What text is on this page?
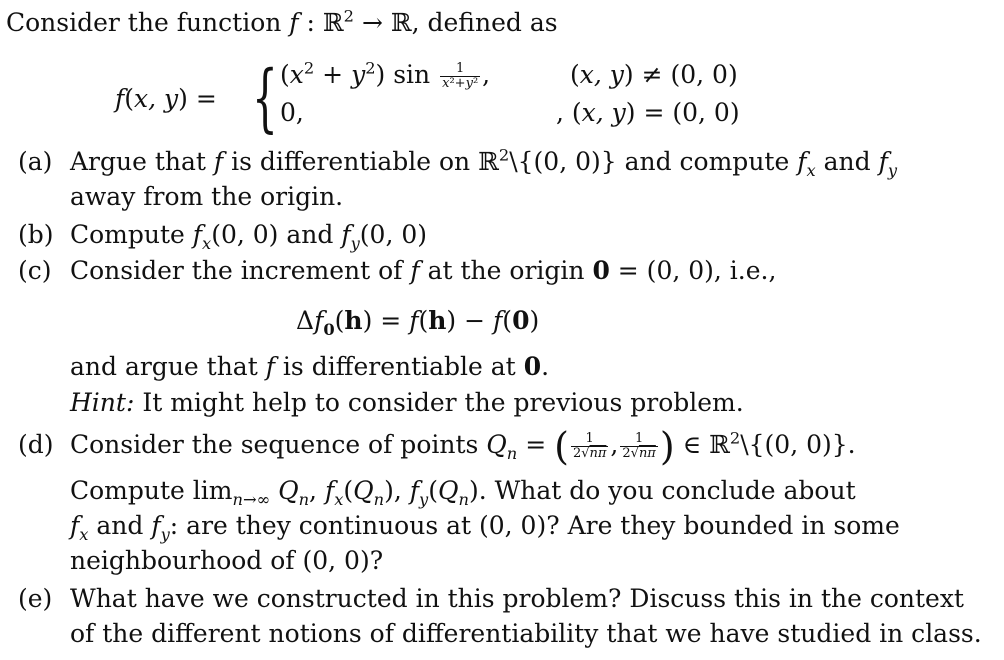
Consider the function f : ℝ$^2$ → ℝ, defined as
f(x, y) = { $(x^2 + y^2)$ $\sin \frac{1}{\text{x²+y²}}$ ,	(x, y) ≠ (0, 0)
0,	, (x, y) = (0, 0)
(a) Argue that f is differentiable on ℝ$^2$\{(0, 0)} and compute $f_x$ and $f_y$
away from the origin.
(b) Compute $f_x(0$, 0) and $f_y(0$, 0)
(c) Consider the increment of f at the origin 0 = (0, 0), i.e.,
$\Delta f_0(h) = f(h) - f(0)$
and argue that f is differentiable at 0.
Hint: It might help to consider the previous problem.
(d) Consider the sequence of points $Q_n$ = ( $\frac{1}{2√n\pi}$ , $\frac{1}{2√n\pi}$ ) ∈ ℝ$^2$\{(0, 0)}.
Compute $\lim_{n\to\infty} Q_n$, $f_x(Q_n)$, $f_y(Q_n)$. What do you conclude about
$f_x$ and $f_y$: are they continuous at (0, 0)? Are they bounded in some
neighbourhood of (0, 0)?
(e) What have we constructed in this problem? Discuss this in the context
of the different notions of differentiability that we have studied in class.
